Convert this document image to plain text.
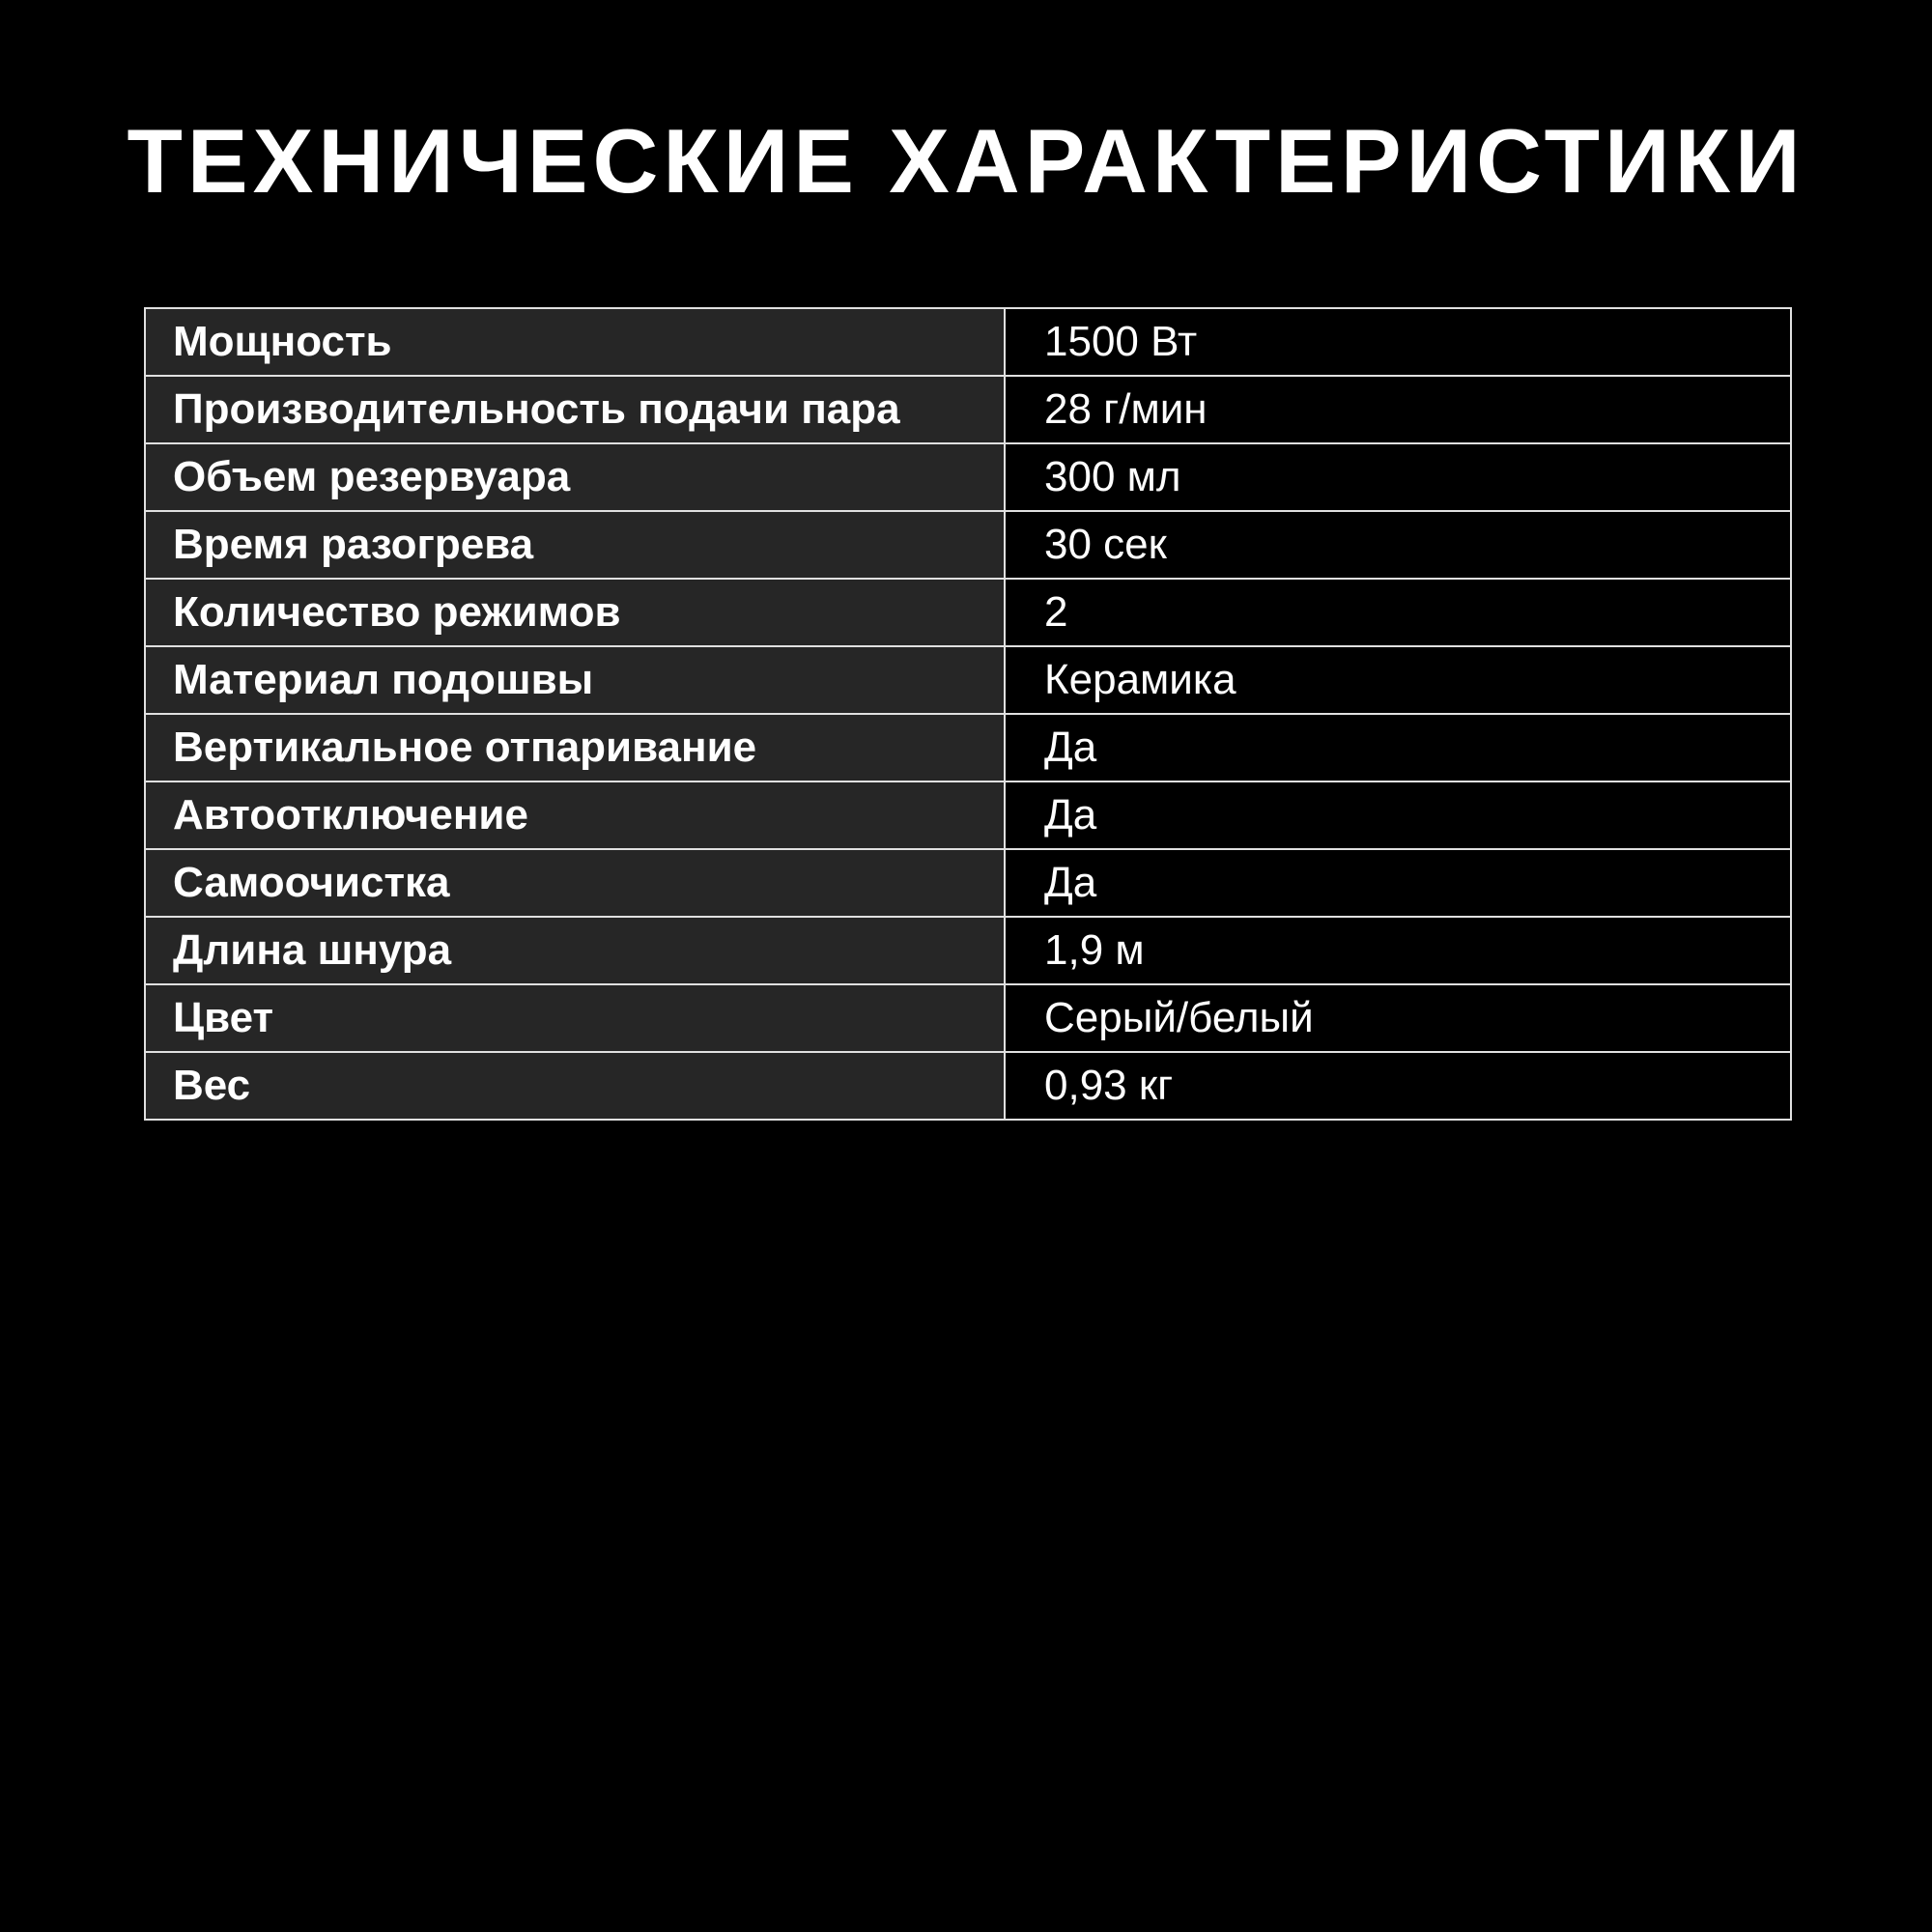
ТЕХНИЧЕСКИЕ ХАРАКТЕРИСТИКИ
Мощность	1500 Вт
Производительность подачи пара	28 г/мин
Объем резервуара	300 мл
Время разогрева	30 сек
Количество режимов	2
Материал подошвы	Керамика
Вертикальное отпаривание	Да
Автоотключение	Да
Самоочистка	Да
Длина шнура	1,9 м
Цвет	Серый/белый
Вес	0,93 кг
